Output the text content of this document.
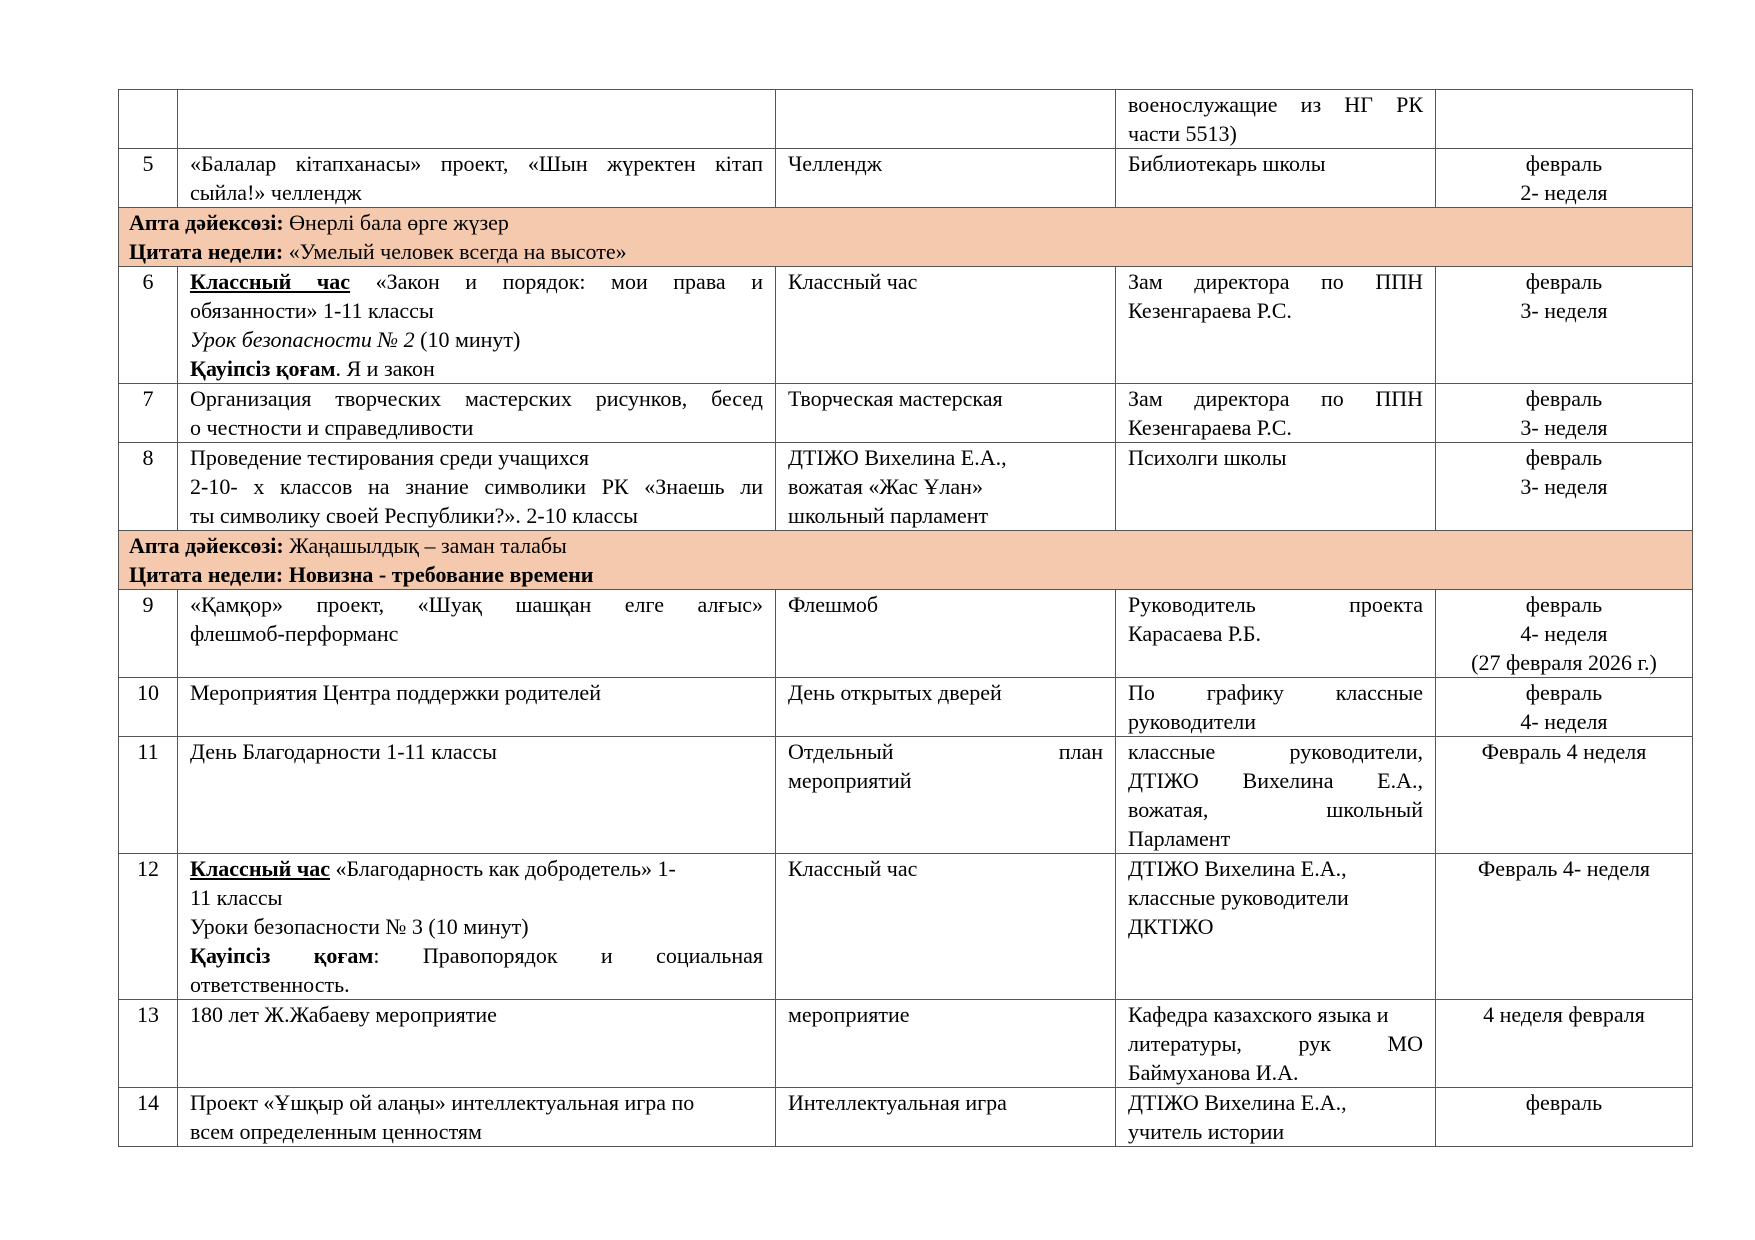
			военослужащие из НГ РК
части 5513)	

5	«Балалар кітапханасы» проект, «Шын жүректен кітап
сыйла!» челлендж	Челлендж	Библиотекарь школы	февраль
2- неделя

Апта дәйексөзі: Өнерлі бала өрге жүзер
Цитата недели: «Умелый человек всегда на высоте»				

6	Классный час «Закон и порядок: мои права и
обязанности» 1-11 классы
Урок безопасности № 2 (10 минут)
Қауіпсіз қоғам. Я и закон	Классный час	Зам директора по ППН
Кезенгараева Р.С.	февраль
3- неделя

7	Организация творческих мастерских рисунков, бесед
о честности и справедливости	Творческая мастерская	Зам директора по ППН
Кезенгараева Р.С.	февраль
3- неделя

8	Проведение тестирования среди учащихся
2-10- х классов на знание символики РК «Знаешь ли
ты символику своей Республики?». 2-10 классы	ДТІЖО Вихелина Е.А.,
вожатая «Жас Ұлан»
школьный парламент	Психолги школы	февраль
3- неделя

Апта дәйексөзі: Жаңашылдық – заман талабы
Цитата недели: Новизна - требование времени				

9	«Қамқор» проект, «Шуақ шашқан елге алғыс»
флешмоб-перформанс	Флешмоб	Руководитель проекта
Карасаева Р.Б.	февраль
4- неделя
(27 февраля 2026 г.)

10	Мероприятия Центра поддержки родителей	День открытых дверей	По графику классные
руководители	февраль
4- неделя

11	День Благодарности 1-11 классы	Отдельный план
мероприятий	классные руководители,
ДТІЖО Вихелина Е.А.,
вожатая, школьный
Парламент	Февраль 4 неделя
12	Классный час «Благодарность как добродетель» 1-
11 классы
Уроки безопасности № 3 (10 минут)
Қауіпсіз қоғам: Правопорядок и социальная
ответственность.	Классный час	ДТІЖО Вихелина Е.А.,
классные руководители
ДКТІЖО	Февраль 4- неделя
13	180 лет Ж.Жабаеву мероприятие	мероприятие	Кафедра казахского языка и
литературы, рук МО
Баймуханова И.А.	4 неделя февраля
14	Проект «Ұшқыр ой алаңы» интеллектуальная игра по
всем определенным ценностям	Интеллектуальная игра	ДТІЖО Вихелина Е.А.,
учитель истории	февраль
